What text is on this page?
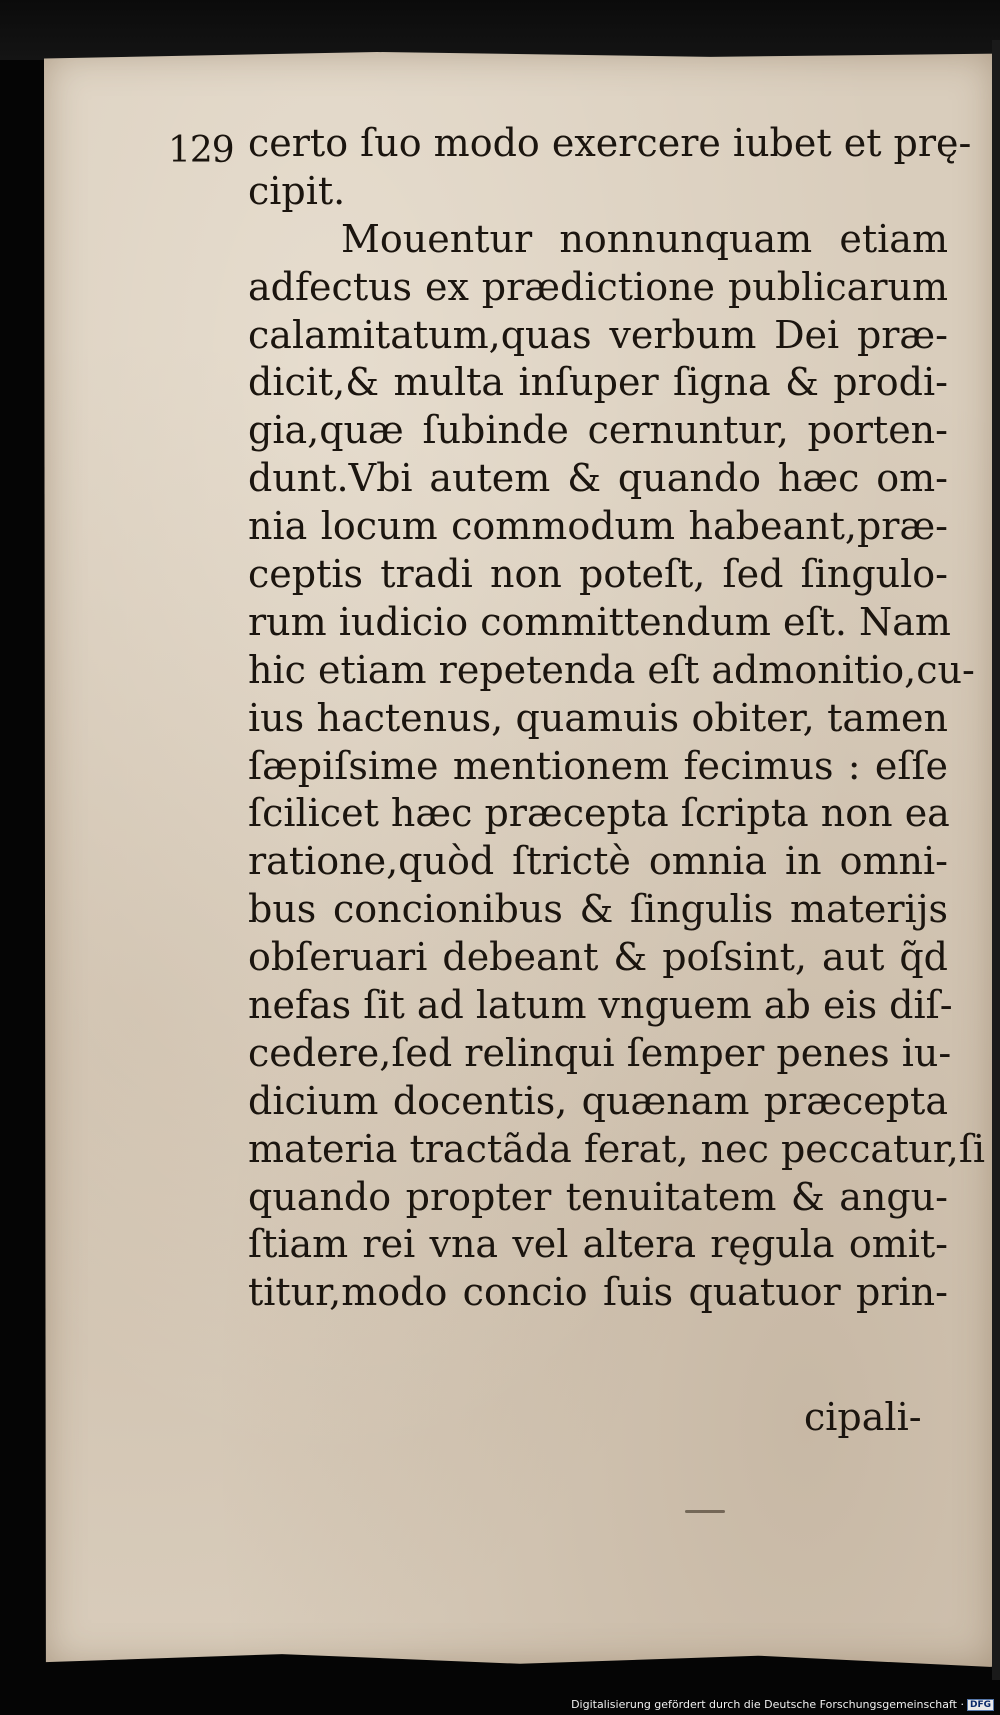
129 certo ſuo modo exercere iubet et prę‑
cipit.
Mouentur nonnunquam etiam
adfectus ex prædictione publicarum
calamitatum,quas verbum Dei præ‑
dicit,& multa inſuper ſigna & prodi‑
gia,quæ ſubinde cernuntur, porten‑
dunt.Vbi autem & quando hæc om‑
nia locum commodum habeant,præ‑
ceptis tradi non poteſt, ſed ſingulo‑
rum iudicio committendum eſt. Nam
hic etiam repetenda eſt admonitio,cu‑
ius hactenus, quamuis obiter, tamen
ſæpiſsime mentionem fecimus : eſſe
ſcilicet hæc præcepta ſcripta non ea
ratione,quòd ſtrictè omnia in omni‑
bus concionibus & ſingulis materijs
obſeruari debeant & poſsint, aut q̃d
nefas ſit ad latum vnguem ab eis diſ‑
cedere,ſed relinqui ſemper penes iu‑
dicium docentis, quænam præcepta
materia tractãda ferat, nec peccatur,ſi
quando propter tenuitatem & angu‑
ſtiam rei vna vel altera ręgula omit‑
titur,modo concio ſuis quatuor prin‑
cipali‑
Digitalisierung gefördert durch die Deutsche Forschungsgemeinschaft · DFG
